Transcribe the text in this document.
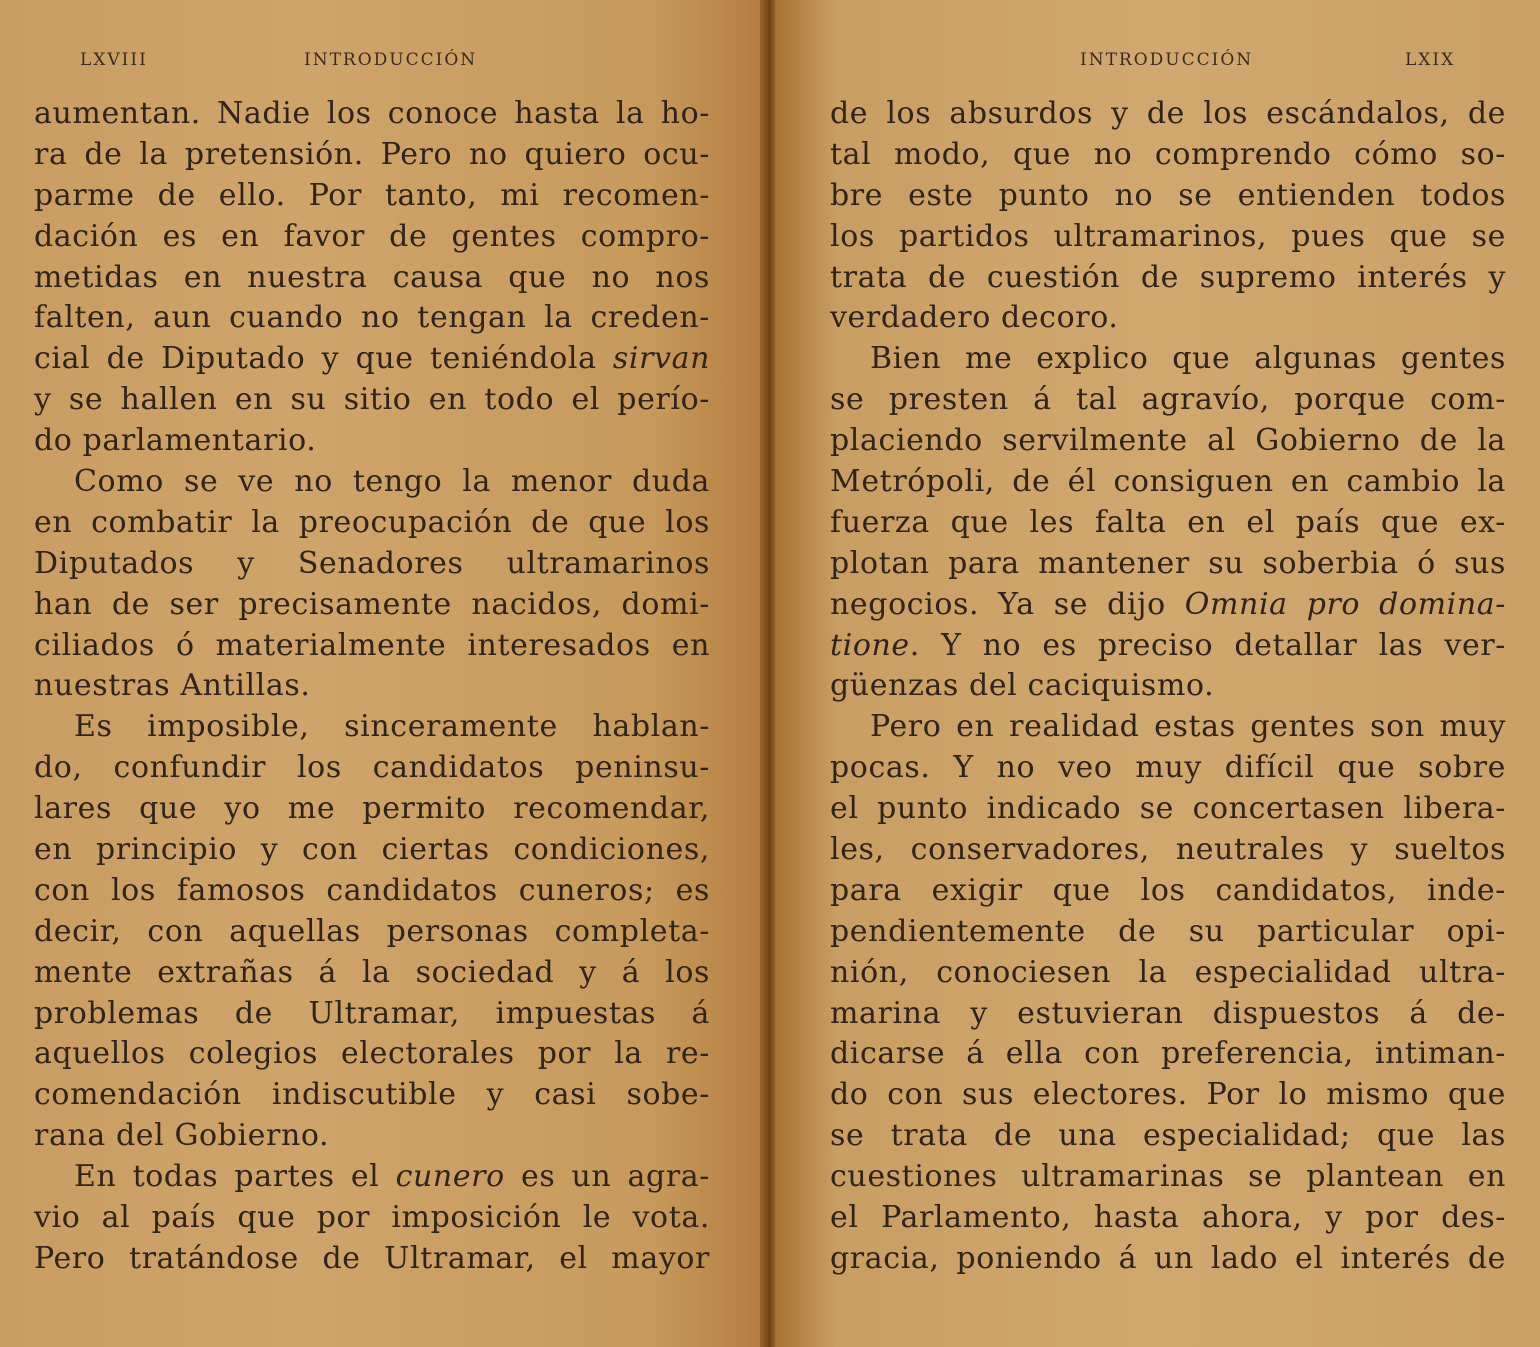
LXVIII	INTRODUCCIÓN
aumentan. Nadie los conoce hasta la ho-
ra de la pretensión. Pero no quiero ocu-
parme de ello. Por tanto, mi recomen-
dación es en favor de gentes compro-
metidas en nuestra causa que no nos
falten, aun cuando no tengan la creden-
cial de Diputado y que teniéndola sirvan
y se hallen en su sitio en todo el perío-
do parlamentario.
Como se ve no tengo la menor duda
en combatir la preocupación de que los
Diputados y Senadores ultramarinos
han de ser precisamente nacidos, domi-
ciliados ó materialmente interesados en
nuestras Antillas.
Es imposible, sinceramente hablan-
do, confundir los candidatos peninsu-
lares que yo me permito recomendar,
en principio y con ciertas condiciones,
con los famosos candidatos cuneros; es
decir, con aquellas personas completa-
mente extrañas á la sociedad y á los
problemas de Ultramar, impuestas á
aquellos colegios electorales por la re-
comendación indiscutible y casi sobe-
rana del Gobierno.
En todas partes el cunero es un agra-
vio al país que por imposición le vota.
Pero tratándose de Ultramar, el mayor
INTRODUCCIÓN	LXIX
de los absurdos y de los escándalos, de
tal modo, que no comprendo cómo so-
bre este punto no se entienden todos
los partidos ultramarinos, pues que se
trata de cuestión de supremo interés y
verdadero decoro.
Bien me explico que algunas gentes
se presten á tal agravío, porque com-
placiendo servilmente al Gobierno de la
Metrópoli, de él consiguen en cambio la
fuerza que les falta en el país que ex-
plotan para mantener su soberbia ó sus
negocios. Ya se dijo Omnia pro domina-
tione. Y no es preciso detallar las ver-
güenzas del caciquismo.
Pero en realidad estas gentes son muy
pocas. Y no veo muy difícil que sobre
el punto indicado se concertasen libera-
les, conservadores, neutrales y sueltos
para exigir que los candidatos, inde-
pendientemente de su particular opi-
nión, conociesen la especialidad ultra-
marina y estuvieran dispuestos á de-
dicarse á ella con preferencia, intiman-
do con sus electores. Por lo mismo que
se trata de una especialidad; que las
cuestiones ultramarinas se plantean en
el Parlamento, hasta ahora, y por des-
gracia, poniendo á un lado el interés de
